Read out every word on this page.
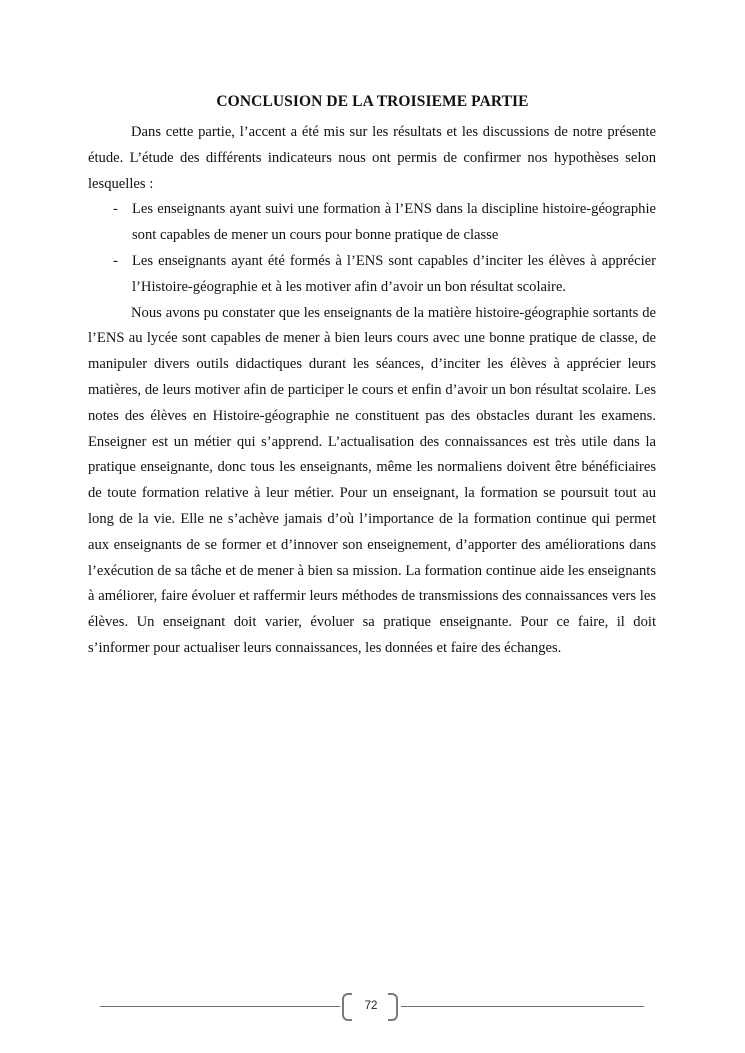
CONCLUSION DE LA TROISIEME PARTIE

Dans cette partie, l’accent a été mis sur les résultats et les discussions de notre présente étude. L’étude des différents indicateurs nous ont permis de confirmer nos hypothèses selon lesquelles :

- Les enseignants ayant suivi une formation à l’ENS dans la discipline histoire-géographie sont capables de mener un cours pour bonne pratique de classe
- Les enseignants ayant été formés à l’ENS sont capables d’inciter les élèves à apprécier l’Histoire-géographie et à les motiver afin d’avoir un bon résultat scolaire.

Nous avons pu constater que les enseignants de la matière histoire-géographie sortants de l’ENS au lycée sont capables de mener à bien leurs cours avec une bonne pratique de classe, de manipuler divers outils didactiques durant les séances, d’inciter les élèves à apprécier leurs matières, de leurs motiver afin de participer le cours et enfin d’avoir un bon résultat scolaire. Les notes des élèves en Histoire-géographie ne constituent pas des obstacles durant les examens. Enseigner est un métier qui s’apprend. L’actualisation des connaissances est très utile dans la pratique enseignante, donc tous les enseignants, même les normaliens doivent être bénéficiaires de toute formation relative à leur métier. Pour un enseignant, la formation se poursuit tout au long de la vie. Elle ne s’achève jamais d’où l’importance de la formation continue qui permet aux enseignants de se former et d’innover son enseignement, d’apporter des améliorations dans l’exécution de sa tâche et de mener à bien sa mission. La formation continue aide les enseignants à améliorer, faire évoluer et raffermir leurs méthodes de transmissions des connaissances vers les élèves. Un enseignant doit varier, évoluer sa pratique enseignante. Pour ce faire, il doit s’informer pour actualiser leurs connaissances, les données et faire des échanges.

72
